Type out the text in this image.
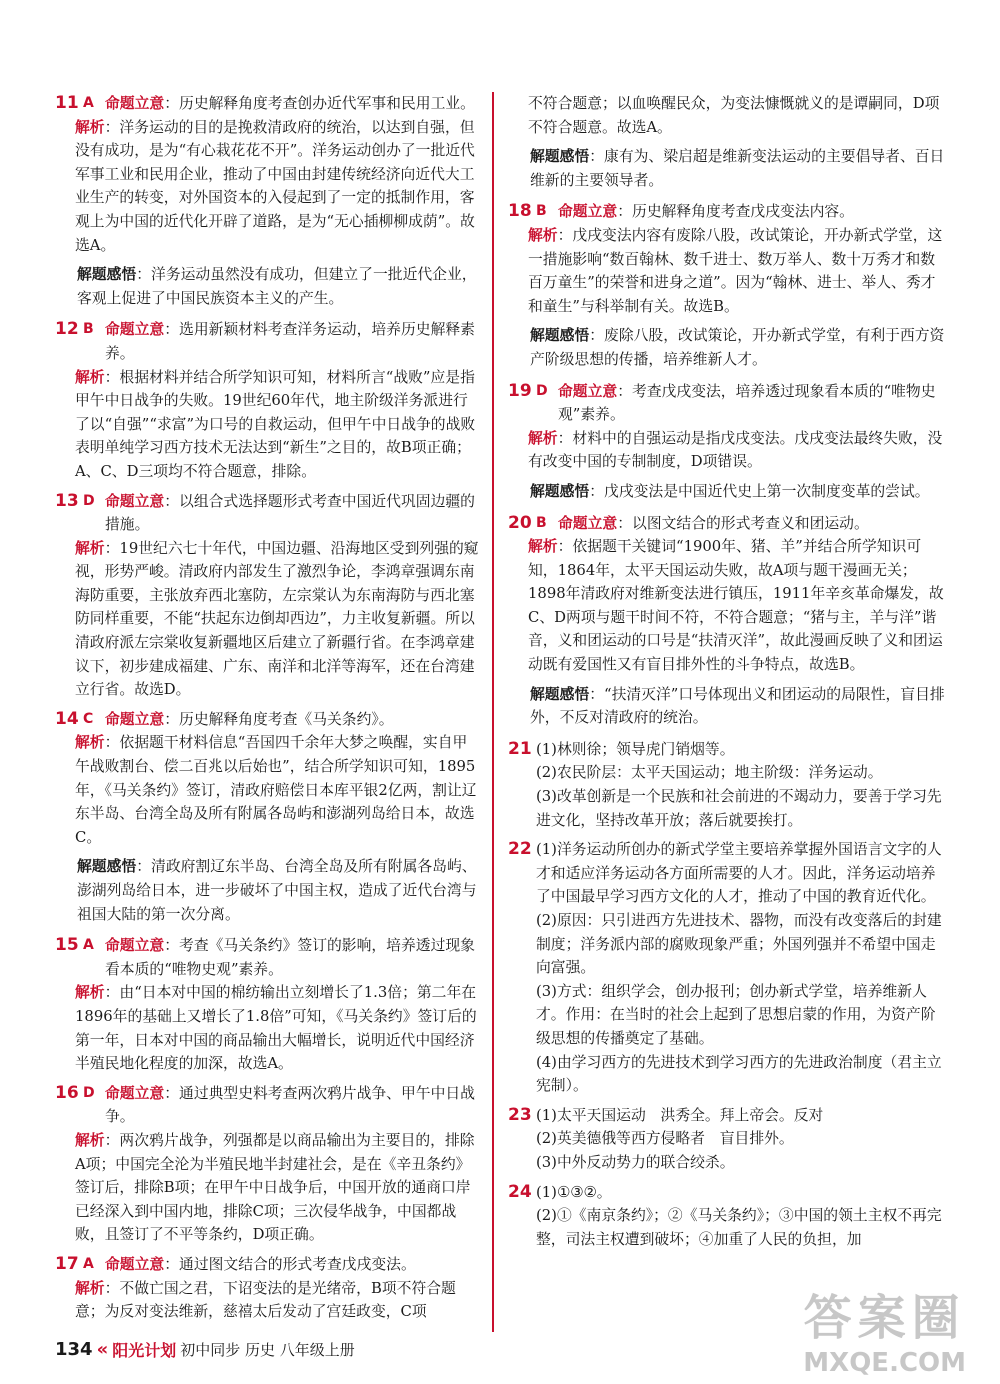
11 A 命题立意：历史解释角度考查创办近代军事和民用工业。
解析：洋务运动的目的是挽救清政府的统治，以达到自强，但没有成功，是为“有心栽花花不开”。洋务运动创办了一批近代军事工业和民用企业，推动了中国由封建传统经济向近代大工业生产的转变，对外国资本的入侵起到了一定的抵制作用，客观上为中国的近代化开辟了道路，是为“无心插柳柳成荫”。故选A。
解题感悟：洋务运动虽然没有成功，但建立了一批近代企业，客观上促进了中国民族资本主义的产生。
12 B 命题立意：选用新颖材料考查洋务运动，培养历史解释素养。
解析：根据材料并结合所学知识可知，材料所言“战败”应是指甲午中日战争的失败。19世纪60年代，地主阶级洋务派进行了以“自强”“求富”为口号的自救运动，但甲午中日战争的战败表明单纯学习西方技术无法达到“新生”之目的，故B项正确；A、C、D三项均不符合题意，排除。
13 D 命题立意：以组合式选择题形式考查中国近代巩固边疆的措施。
解析：19世纪六七十年代，中国边疆、沿海地区受到列强的窥视，形势严峻。清政府内部发生了激烈争论，李鸿章强调东南海防重要，主张放弃西北塞防，左宗棠认为东南海防与西北塞防同样重要，不能“扶起东边倒却西边”，力主收复新疆。所以清政府派左宗棠收复新疆地区后建立了新疆行省。在李鸿章建议下，初步建成福建、广东、南洋和北洋等海军，还在台湾建立行省。故选D。
14 C 命题立意：历史解释角度考查《马关条约》。
解析：依据题干材料信息“吾国四千余年大梦之唤醒，实自甲午战败割台、偿二百兆以后始也”，结合所学知识可知，1895年，《马关条约》签订，清政府赔偿日本库平银2亿两，割让辽东半岛、台湾全岛及所有附属各岛屿和澎湖列岛给日本，故选C。
解题感悟：清政府割辽东半岛、台湾全岛及所有附属各岛屿、澎湖列岛给日本，进一步破坏了中国主权，造成了近代台湾与祖国大陆的第一次分离。
15 A 命题立意：考查《马关条约》签订的影响，培养透过现象看本质的“唯物史观”素养。
解析：由“日本对中国的棉纺输出立刻增长了1.3倍；第二年在1896年的基础上又增长了1.8倍”可知，《马关条约》签订后的第一年，日本对中国的商品输出大幅增长，说明近代中国经济半殖民地化程度的加深，故选A。
16 D 命题立意：通过典型史料考查两次鸦片战争、甲午中日战争。
解析：两次鸦片战争，列强都是以商品输出为主要目的，排除A项；中国完全沦为半殖民地半封建社会，是在《辛丑条约》签订后，排除B项；在甲午中日战争后，中国开放的通商口岸已经深入到中国内地，排除C项；三次侵华战争，中国都战败，且签订了不平等条约，D项正确。
17 A 命题立意：通过图文结合的形式考查戊戌变法。
解析：不做亡国之君，下诏变法的是光绪帝，B项不符合题意；为反对变法维新，慈禧太后发动了宫廷政变，C项
不符合题意；以血唤醒民众，为变法慷慨就义的是谭嗣同，D项不符合题意。故选A。
解题感悟：康有为、梁启超是维新变法运动的主要倡导者、百日维新的主要领导者。
18 B 命题立意：历史解释角度考查戊戌变法内容。
解析：戊戌变法内容有废除八股，改试策论，开办新式学堂，这一措施影响“数百翰林、数千进士、数万举人、数十万秀才和数百万童生”的荣誉和进身之道”。因为“翰林、进士、举人、秀才和童生”与科举制有关。故选B。
解题感悟：废除八股，改试策论，开办新式学堂，有利于西方资产阶级思想的传播，培养维新人才。
19 D 命题立意：考查戊戌变法，培养透过现象看本质的“唯物史观”素养。
解析：材料中的自强运动是指戊戌变法。戊戌变法最终失败，没有改变中国的专制制度，D项错误。
解题感悟：戊戌变法是中国近代史上第一次制度变革的尝试。
20 B 命题立意：以图文结合的形式考查义和团运动。
解析：依据题干关键词“1900年、猪、羊”并结合所学知识可知，1864年，太平天国运动失败，故A项与题干漫画无关；1898年清政府对维新变法进行镇压，1911年辛亥革命爆发，故C、D两项与题干时间不符，不符合题意；“猪与主，羊与洋”谐音，义和团运动的口号是“扶清灭洋”，故此漫画反映了义和团运动既有爱国性又有盲目排外性的斗争特点，故选B。
解题感悟：“扶清灭洋”口号体现出义和团运动的局限性，盲目排外，不反对清政府的统治。
21 (1)林则徐；领导虎门销烟等。
(2)农民阶层：太平天国运动；地主阶级：洋务运动。
(3)改革创新是一个民族和社会前进的不竭动力，要善于学习先进文化，坚持改革开放；落后就要挨打。
22 (1)洋务运动所创办的新式学堂主要培养掌握外国语言文字的人才和适应洋务运动各方面所需要的人才。因此，洋务运动培养了中国最早学习西方文化的人才，推动了中国的教育近代化。
(2)原因：只引进西方先进技术、器物，而没有改变落后的封建制度；洋务派内部的腐败现象严重；外国列强并不希望中国走向富强。
(3)方式：组织学会，创办报刊；创办新式学堂，培养维新人才。作用：在当时的社会上起到了思想启蒙的作用，为资产阶级思想的传播奠定了基础。
(4)由学习西方的先进技术到学习西方的先进政治制度（君主立宪制）。
23 (1)太平天国运动　洪秀全。拜上帝会。反对
(2)英美德俄等西方侵略者　盲目排外。
(3)中外反动势力的联合绞杀。
24 (1)①③②。
(2)①《南京条约》；②《马关条约》；③中国的领土主权不再完整，司法主权遭到破坏；④加重了人民的负担，加
134 « 阳光计划 初中同步 历史 八年级上册
答案圈
MXQE.COM
